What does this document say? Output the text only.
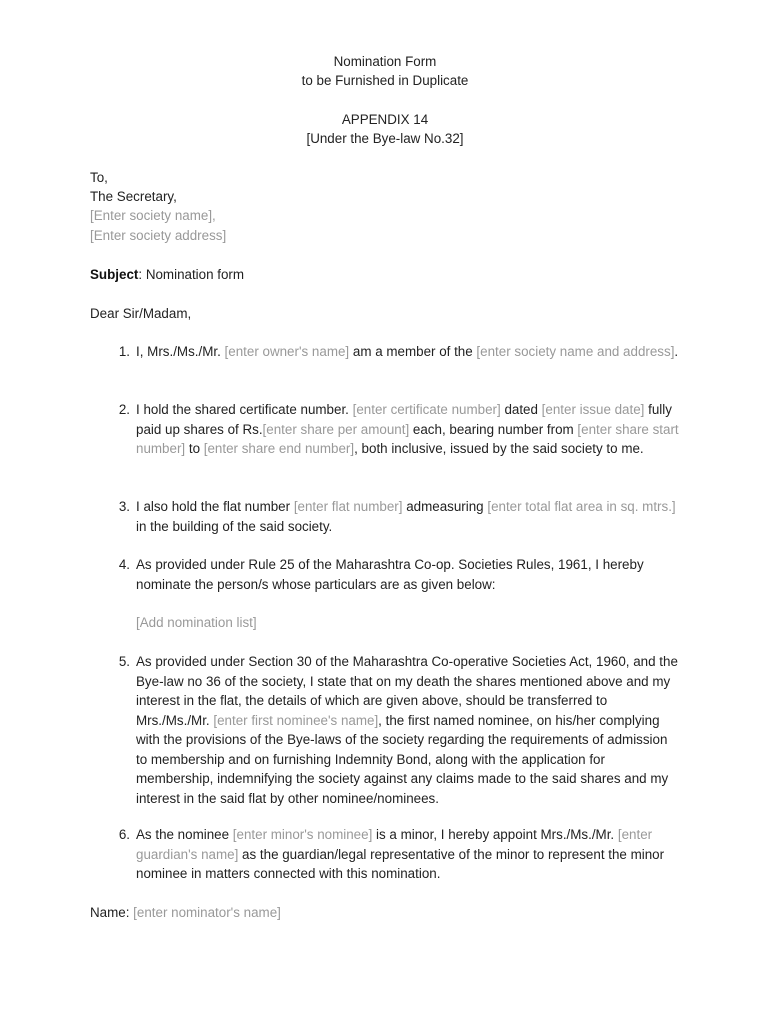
Nomination Form
to be Furnished in Duplicate
APPENDIX 14
[Under the Bye-law No.32]
To,
The Secretary,
[Enter society name],
[Enter society address]
Subject: Nomination form
Dear Sir/Madam,
1. I, Mrs./Ms./Mr. [enter owner's name] am a member of the [enter society name and address].
2. I hold the shared certificate number. [enter certificate number] dated [enter issue date] fully paid up shares of Rs.[enter share per amount] each, bearing number from [enter share start number] to [enter share end number], both inclusive, issued by the said society to me.
3. I also hold the flat number [enter flat number] admeasuring [enter total flat area in sq. mtrs.] in the building of the said society.
4. As provided under Rule 25 of the Maharashtra Co-op. Societies Rules, 1961, I hereby nominate the person/s whose particulars are as given below:
[Add nomination list]
5. As provided under Section 30 of the Maharashtra Co-operative Societies Act, 1960, and the Bye-law no 36 of the society, I state that on my death the shares mentioned above and my interest in the flat, the details of which are given above, should be transferred to Mrs./Ms./Mr. [enter first nominee's name], the first named nominee, on his/her complying with the provisions of the Bye-laws of the society regarding the requirements of admission to membership and on furnishing Indemnity Bond, along with the application for membership, indemnifying the society against any claims made to the said shares and my interest in the said flat by other nominee/nominees.
6. As the nominee [enter minor's nominee] is a minor, I hereby appoint Mrs./Ms./Mr. [enter guardian's name] as the guardian/legal representative of the minor to represent the minor nominee in matters connected with this nomination.
Name: [enter nominator's name]
